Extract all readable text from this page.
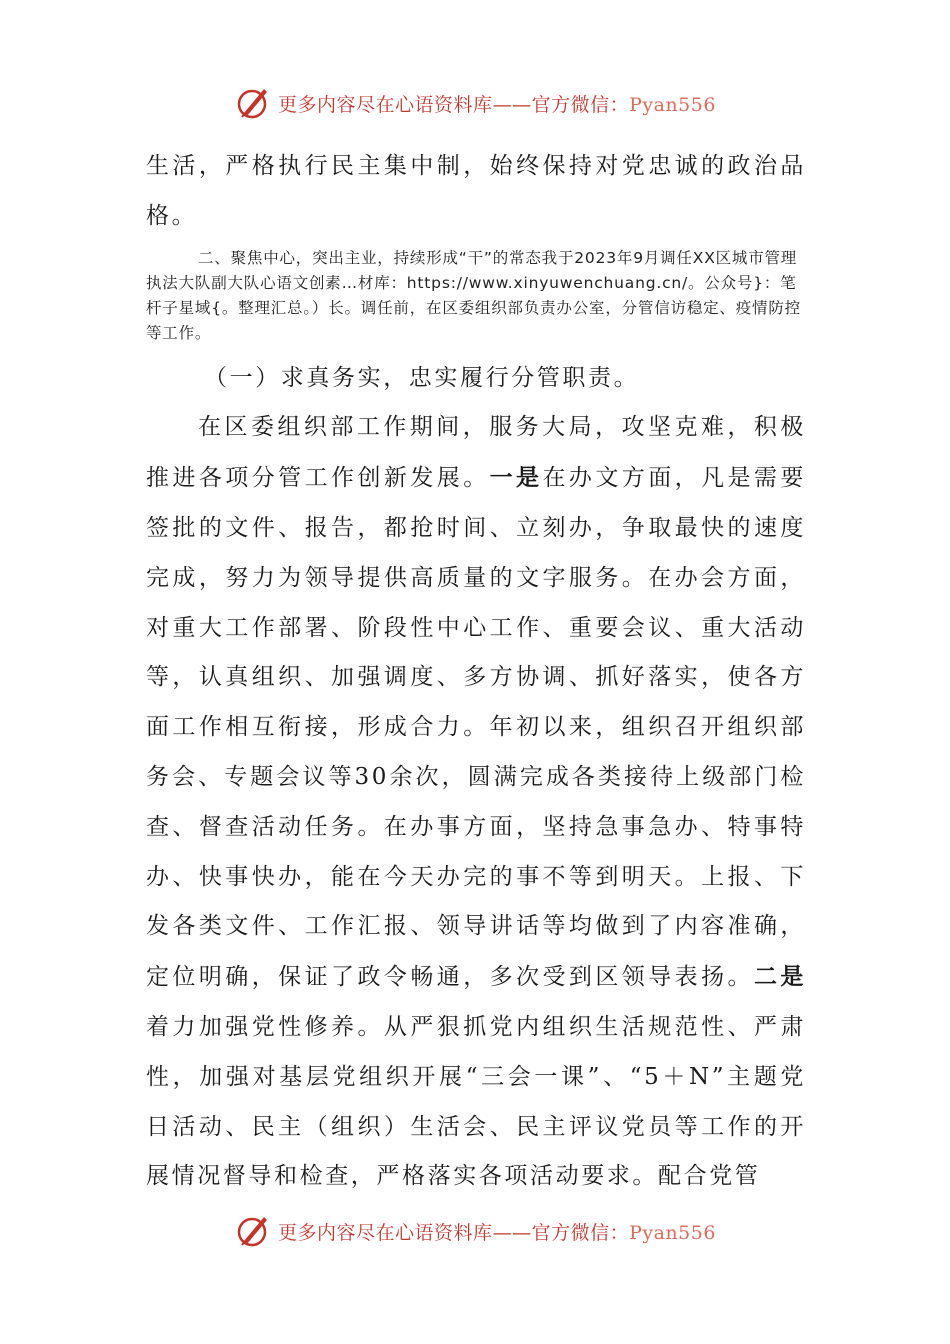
更多内容尽在心语资料库——官方微信：Pyan556

生活，严格执行民主集中制，始终保持对党忠诚的政治品格。

二、聚焦中心，突出主业，持续形成“干”的常态我于2023年9月调任XX区城市管理执法大队副大队心语文创素…材库：https://www.xinyuwenchuang.cn/。公众号}：笔杆子星域{。整理汇总。）长。调任前，在区委组织部负责办公室，分管信访稳定、疫情防控等工作。

（一）求真务实，忠实履行分管职责。

在区委组织部工作期间，服务大局，攻坚克难，积极推进各项分管工作创新发展。一是在办文方面，凡是需要签批的文件、报告，都抢时间、立刻办，争取最快的速度完成，努力为领导提供高质量的文字服务。在办会方面，对重大工作部署、阶段性中心工作、重要会议、重大活动等，认真组织、加强调度、多方协调、抓好落实，使各方面工作相互衔接，形成合力。年初以来，组织召开组织部务会、专题会议等30余次，圆满完成各类接待上级部门检查、督查活动任务。在办事方面，坚持急事急办、特事特办、快事快办，能在今天办完的事不等到明天。上报、下发各类文件、工作汇报、领导讲话等均做到了内容准确，定位明确，保证了政令畅通，多次受到区领导表扬。二是着力加强党性修养。从严狠抓党内组织生活规范性、严肃性，加强对基层党组织开展“三会一课”、“5＋N”主题党日活动、民主（组织）生活会、民主评议党员等工作的开展情况督导和检查，严格落实各项活动要求。配合党管

更多内容尽在心语资料库——官方微信：Pyan556
